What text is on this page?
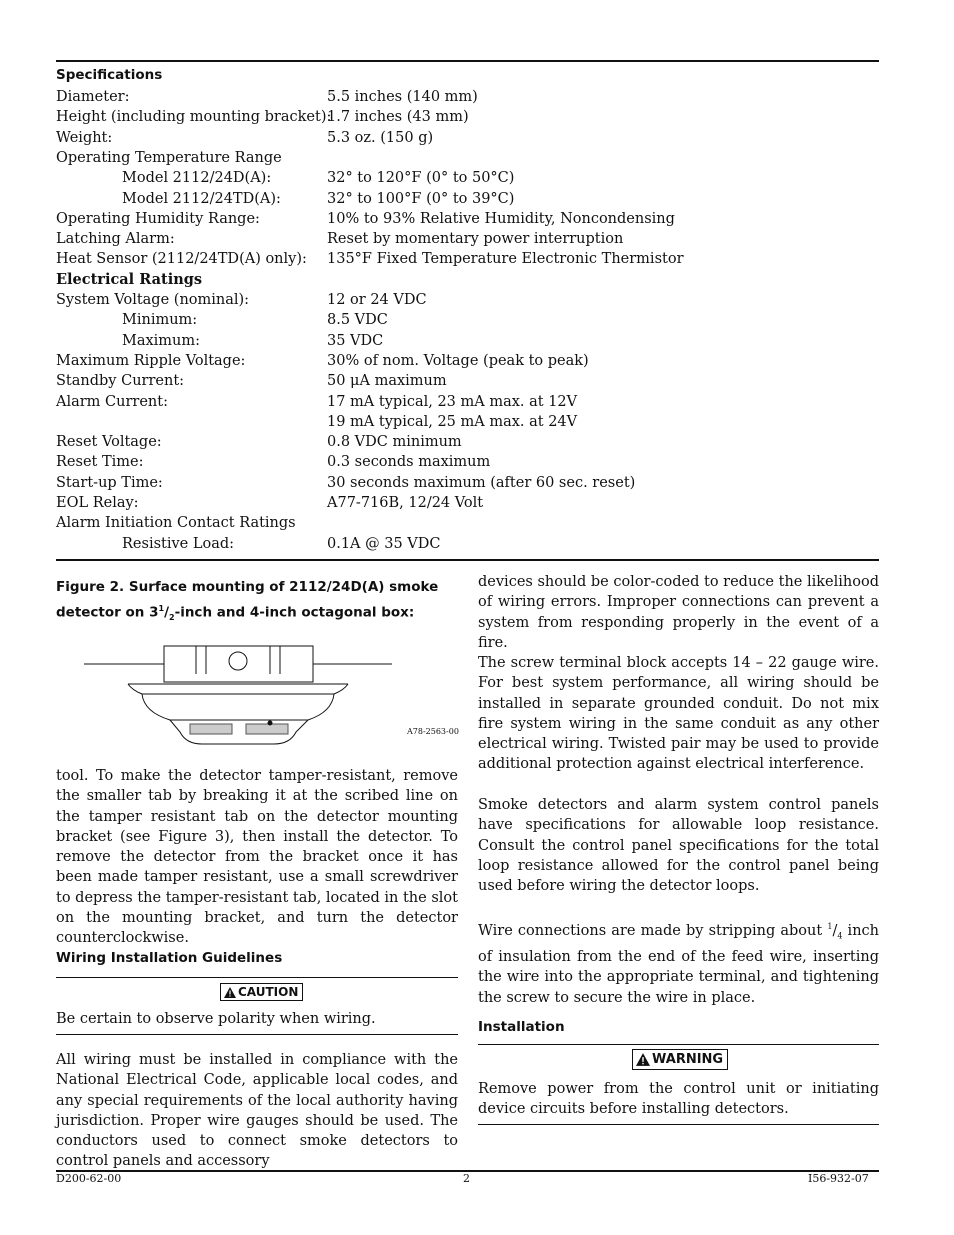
Specifications
Diameter:	5.5 inches (140 mm)
Height (including mounting bracket):
1.7 inches (43 mm)
Weight:	5.3 oz. (150 g)
Operating Temperature Range
Model 2112/24D(A):	32° to 120°F (0° to 50°C)
Model 2112/24TD(A):	32° to 100°F (0° to 39°C)
Operating Humidity Range:	10% to 93% Relative Humidity, Noncondensing
Latching Alarm:	Reset by momentary power interruption
Heat Sensor (2112/24TD(A) only): 135°F Fixed Temperature Electronic Thermistor
Electrical Ratings
System Voltage (nominal):	12 or 24 VDC
Minimum:	8.5 VDC
Maximum:	35 VDC
Maximum Ripple Voltage:	30% of nom. Voltage (peak to peak)
Standby Current:	50 μA maximum
Alarm Current:	17 mA typical, 23 mA max. at 12V
19 mA typical, 25 mA max. at 24V
Reset Voltage:	0.8 VDC minimum
Reset Time:	0.3 seconds maximum
Start-up Time:	30 seconds maximum (after 60 sec. reset)
EOL Relay:	A77-716B, 12/24 Volt
Alarm Initiation Contact Ratings
Resistive Load:	0.1A @ 35 VDC
Figure 2. Surface mounting of 2112/24D(A) smoke detector on $3^1/_2$-inch and 4-inch octagonal box:
A78-2563-00
tool. To make the detector tamper-resistant, remove the smaller tab by breaking it at the scribed line on the tamper resistant tab on the detector mounting bracket (see Figure 3), then install the detector. To remove the detector from the bracket once it has been made tamper resistant, use a small screwdriver to depress the tamper-resistant tab, located in the slot on the mounting bracket, and turn the detector counterclockwise.
Wiring Installation Guidelines
CAUTION
Be certain to observe polarity when wiring.
All wiring must be installed in compliance with the National Electrical Code, applicable local codes, and any special requirements of the local authority having jurisdiction. Proper wire gauges should be used. The conductors used to connect smoke detectors to control panels and accessory
devices should be color-coded to reduce the likelihood of wiring errors. Improper connections can prevent a system from responding properly in the event of a fire.
The screw terminal block accepts 14 – 22 gauge wire. For best system performance, all wiring should be installed in separate grounded conduit. Do not mix fire system wiring in the same conduit as any other electrical wiring. Twisted pair may be used to provide additional protection against electrical interference.
Smoke detectors and alarm system control panels have specifications for allowable loop resistance. Consult the control panel specifications for the total loop resistance allowed for the control panel being used before wiring the detector loops.
Wire connections are made by stripping about $^1/_4$ inch of insulation from the end of the feed wire, inserting the wire into the appropriate terminal, and tightening the screw to secure the wire in place.
Installation
WARNING
Remove power from the control unit or initiating device circuits before installing detectors.
D200-62-00	2	I56-932-07
